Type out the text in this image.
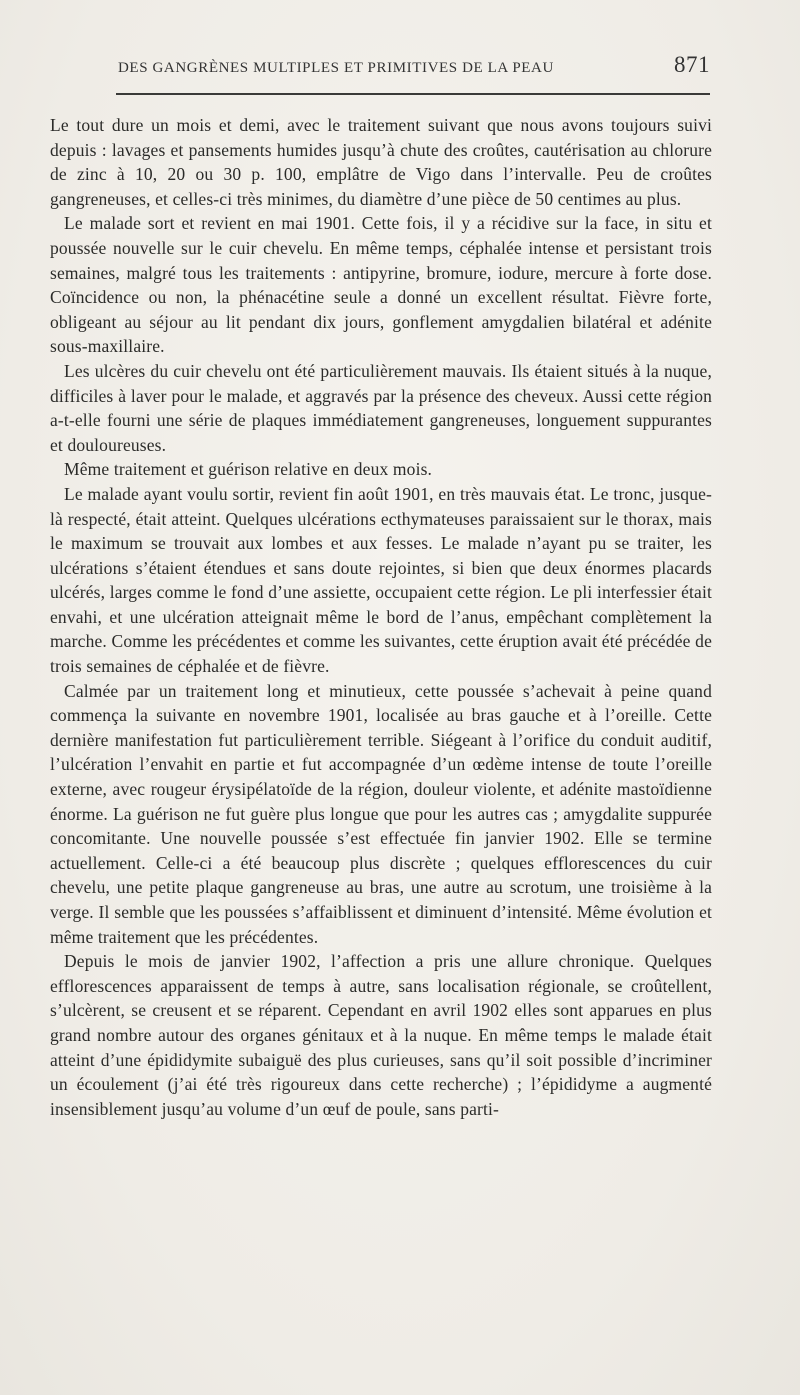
DES GANGRÈNES MULTIPLES ET PRIMITIVES DE LA PEAU	871

Le tout dure un mois et demi, avec le traitement suivant que nous avons toujours suivi depuis : lavages et pansements humides jusqu’à chute des croûtes, cautérisation au chlorure de zinc à 10, 20 ou 30 p. 100, emplâtre de Vigo dans l’intervalle. Peu de croûtes gangreneuses, et celles-ci très minimes, du diamètre d’une pièce de 50 centimes au plus.

Le malade sort et revient en mai 1901. Cette fois, il y a récidive sur la face, in situ et poussée nouvelle sur le cuir chevelu. En même temps, céphalée intense et persistant trois semaines, malgré tous les traitements : antipyrine, bromure, iodure, mercure à forte dose. Coïncidence ou non, la phénacétine seule a donné un excellent résultat. Fièvre forte, obligeant au séjour au lit pendant dix jours, gonflement amygdalien bilatéral et adénite sous-maxillaire.

Les ulcères du cuir chevelu ont été particulièrement mauvais. Ils étaient situés à la nuque, difficiles à laver pour le malade, et aggravés par la présence des cheveux. Aussi cette région a-t-elle fourni une série de plaques immédiatement gangreneuses, longuement suppurantes et douloureuses.

Même traitement et guérison relative en deux mois.

Le malade ayant voulu sortir, revient fin août 1901, en très mauvais état. Le tronc, jusque-là respecté, était atteint. Quelques ulcérations ecthymateuses paraissaient sur le thorax, mais le maximum se trouvait aux lombes et aux fesses. Le malade n’ayant pu se traiter, les ulcérations s’étaient étendues et sans doute rejointes, si bien que deux énormes placards ulcérés, larges comme le fond d’une assiette, occupaient cette région. Le pli interfessier était envahi, et une ulcération atteignait même le bord de l’anus, empêchant complètement la marche. Comme les précédentes et comme les suivantes, cette éruption avait été précédée de trois semaines de céphalée et de fièvre.

Calmée par un traitement long et minutieux, cette poussée s’achevait à peine quand commença la suivante en novembre 1901, localisée au bras gauche et à l’oreille. Cette dernière manifestation fut particulièrement terrible. Siégeant à l’orifice du conduit auditif, l’ulcération l’envahit en partie et fut accompagnée d’un œdème intense de toute l’oreille externe, avec rougeur érysipélatoïde de la région, douleur violente, et adénite mastoïdienne énorme. La guérison ne fut guère plus longue que pour les autres cas ; amygdalite suppurée concomitante. Une nouvelle poussée s’est effectuée fin janvier 1902. Elle se termine actuellement. Celle-ci a été beaucoup plus discrète ; quelques efflorescences du cuir chevelu, une petite plaque gangreneuse au bras, une autre au scrotum, une troisième à la verge. Il semble que les poussées s’affaiblissent et diminuent d’intensité. Même évolution et même traitement que les précédentes.

Depuis le mois de janvier 1902, l’affection a pris une allure chronique. Quelques efflorescences apparaissent de temps à autre, sans localisation régionale, se croûtellent, s’ulcèrent, se creusent et se réparent. Cependant en avril 1902 elles sont apparues en plus grand nombre autour des organes génitaux et à la nuque. En même temps le malade était atteint d’une épididymite subaiguë des plus curieuses, sans qu’il soit possible d’incriminer un écoulement (j’ai été très rigoureux dans cette recherche) ; l’épididyme a augmenté insensiblement jusqu’au volume d’un œuf de poule, sans parti-
